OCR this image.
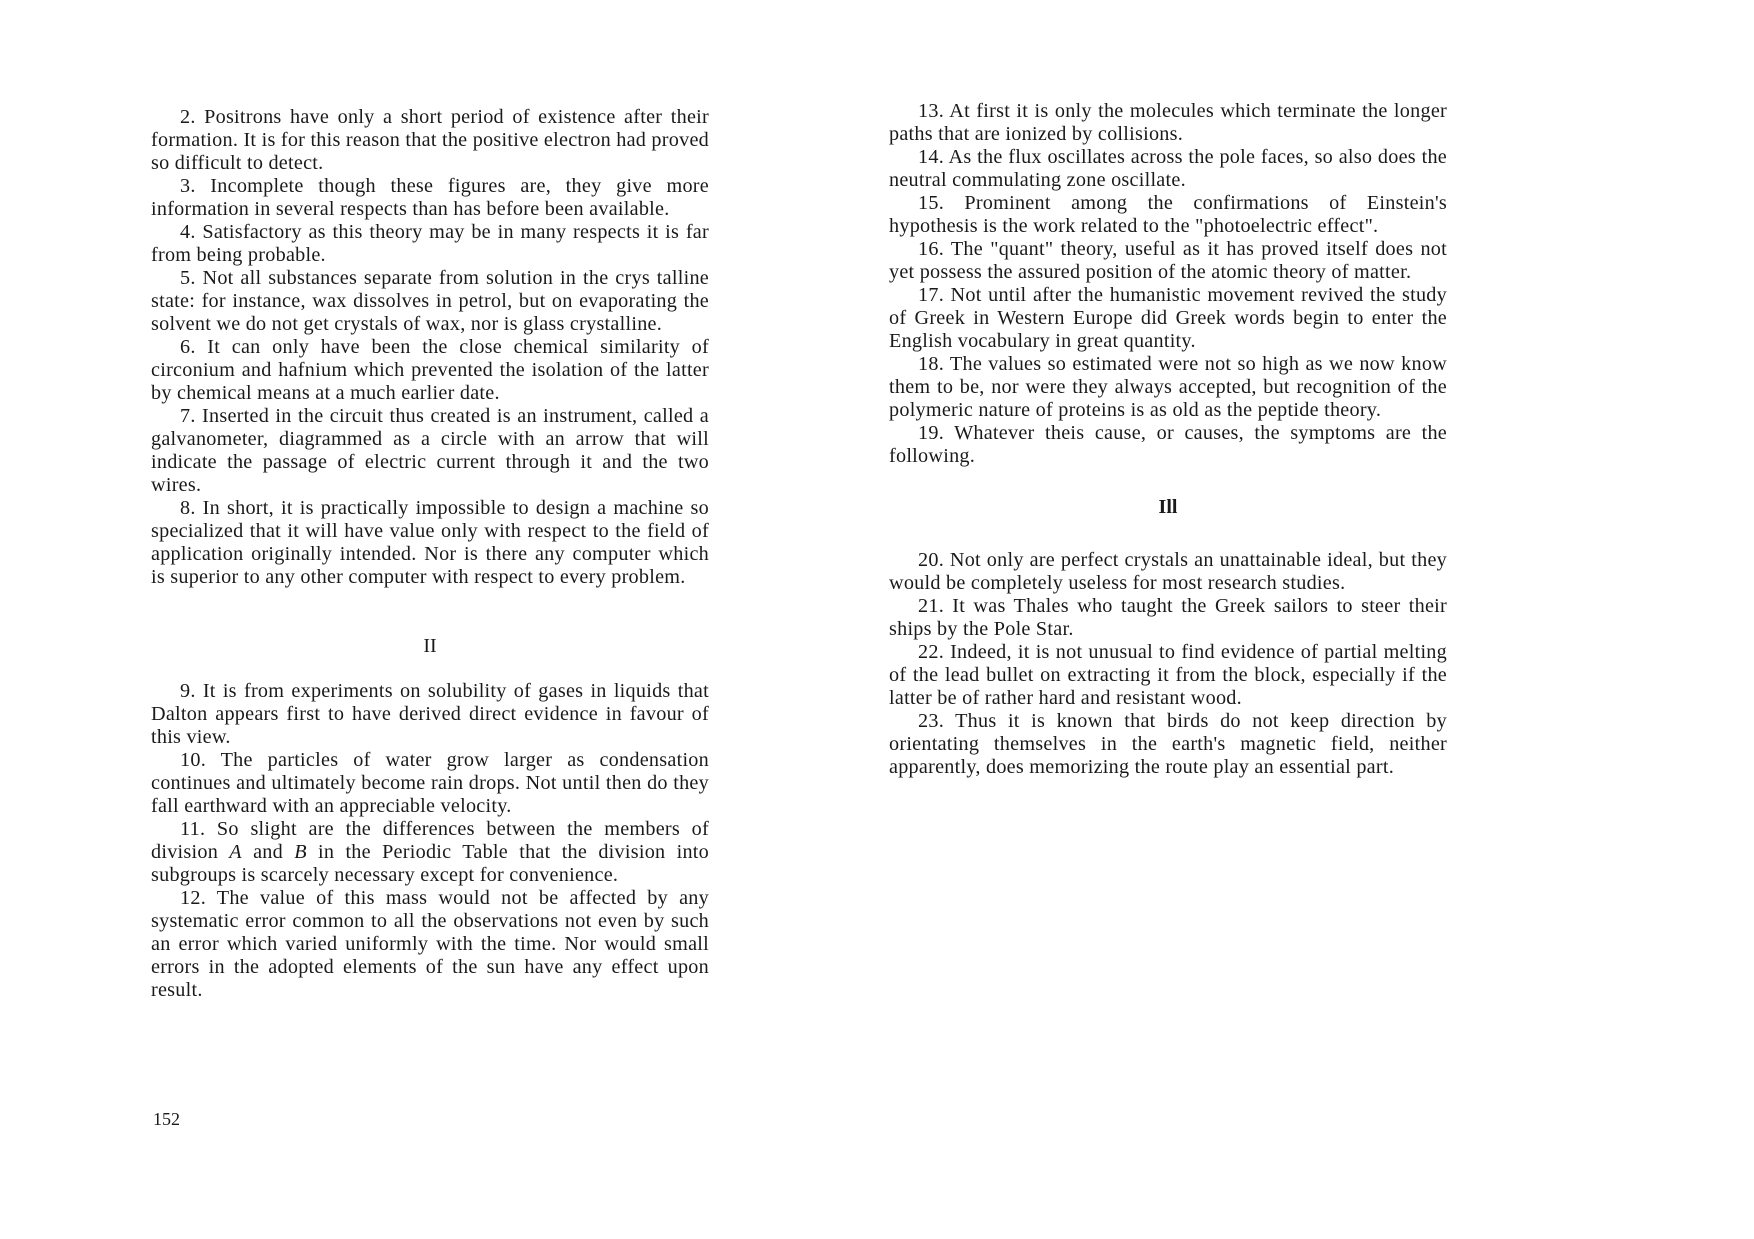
2. Positrons have only a short period of existence after their formation. It is for this reason that the positive electron had proved so difficult to detect.

3. Incomplete though these figures are, they give more information in several respects than has before been available.

4. Satisfactory as this theory may be in many respects it is far from being probable.

5. Not all substances separate from solution in the crys talline state: for instance, wax dissolves in petrol, but on evaporating the solvent we do not get crystals of wax, nor is glass crystalline.

6. It can only have been the close chemical similarity of circonium and hafnium which prevented the isolation of the latter by chemical means at a much earlier date.

7. Inserted in the circuit thus created is an instrument, called a galvanometer, diagrammed as a circle with an arrow that will indicate the passage of electric current through it and the two wires.

8. In short, it is practically impossible to design a machine so specialized that it will have value only with respect to the field of application originally intended. Nor is there any computer which is superior to any other computer with respect to every problem.

II

9. It is from experiments on solubility of gases in liquids that Dalton appears first to have derived direct evidence in favour of this view.

10. The particles of water grow larger as condensation continues and ultimately become rain drops. Not until then do they fall earthward with an appreciable velocity.

11. So slight are the differences between the members of division A and B in the Periodic Table that the division into subgroups is scarcely necessary except for convenience.

12. The value of this mass would not be affected by any systematic error common to all the observations not even by such an error which varied uniformly with the time. Nor would small errors in the adopted elements of the sun have any effect upon result.

152

13. At first it is only the molecules which terminate the longer paths that are ionized by collisions.

14. As the flux oscillates across the pole faces, so also does the neutral commulating zone oscillate.

15. Prominent among the confirmations of Einstein's hypothesis is the work related to the "photoelectric effect".

16. The "quant" theory, useful as it has proved itself does not yet possess the assured position of the atomic theory of matter.

17. Not until after the humanistic movement revived the study of Greek in Western Europe did Greek words begin to enter the English vocabulary in great quantity.

18. The values so estimated were not so high as we now know them to be, nor were they always accepted, but recognition of the polymeric nature of proteins is as old as the peptide theory.

19. Whatever theis cause, or causes, the symptoms are the following.

Ill

20. Not only are perfect crystals an unattainable ideal, but they would be completely useless for most research studies.

21. It was Thales who taught the Greek sailors to steer their ships by the Pole Star.

22. Indeed, it is not unusual to find evidence of partial melting of the lead bullet on extracting it from the block, especially if the latter be of rather hard and resistant wood.

23. Thus it is known that birds do not keep direction by orientating themselves in the earth's magnetic field, neither apparently, does memorizing the route play an essential part.
